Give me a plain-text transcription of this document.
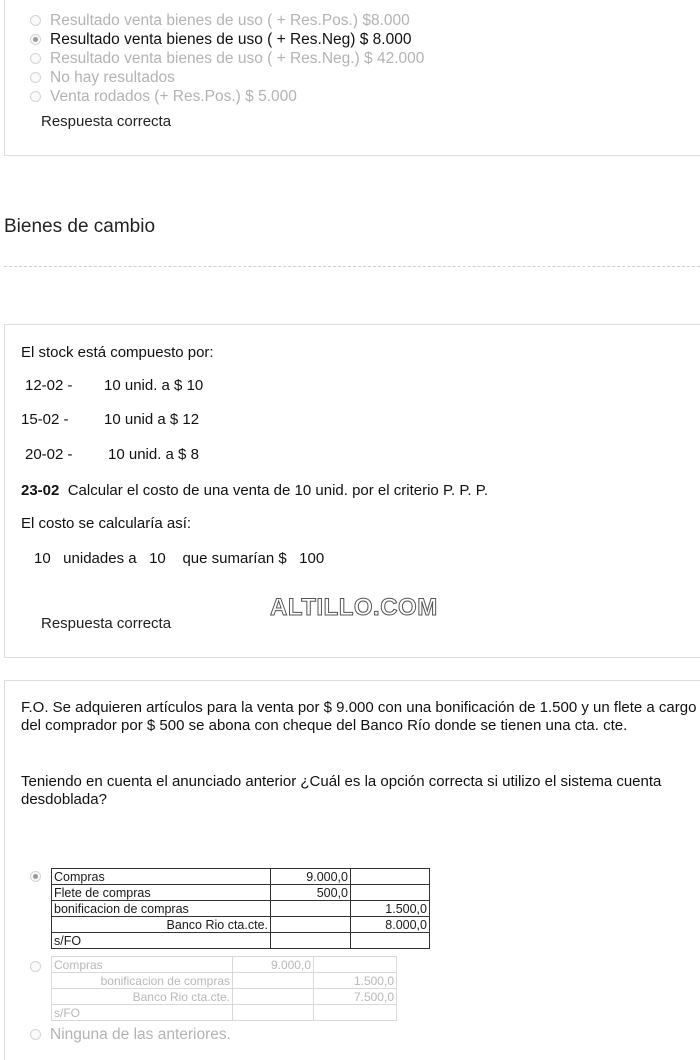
Resultado venta bienes de uso ( + Res.Pos.) $8.000
Resultado venta bienes de uso ( + Res.Neg) $ 8.000
Resultado venta bienes de uso ( + Res.Neg.) $ 42.000
No hay resultados
Venta rodados (+ Res.Pos.) $ 5.000
Respuesta correcta
Bienes de cambio

El stock está compuesto por:

12-02 - 10 unid. a $ 10

15-02 - 10 unid a $ 12

20-02 - 10 unid. a $ 8

23-02 Calcular el costo de una venta de 10 unid. por el criterio P. P. P.

El costo se calcularía así:

10   unidades a   10    que sumarían $   100

Respuesta correcta
ALTILLO.COM
F.O. Se adquieren artículos para la venta por $ 9.000 con una bonificación de 1.500 y un flete a cargo del comprador por $ 500 se abona con cheque del Banco Río donde se tienen una cta. cte.
Teniendo en cuenta el anunciado anterior ¿Cuál es la opción correcta si utilizo el sistema cuenta desdoblada?
Compras	9.000,0	
Flete de compras	500,0	
bonificacion de compras		1.500,0
Banco Rio cta.cte.		8.000,0
s/FO		
Compras	9.000,0	
bonificacion de compras		1.500,0
Banco Rio cta.cte.		7.500,0
s/FO		
Ninguna de las anteriores.
